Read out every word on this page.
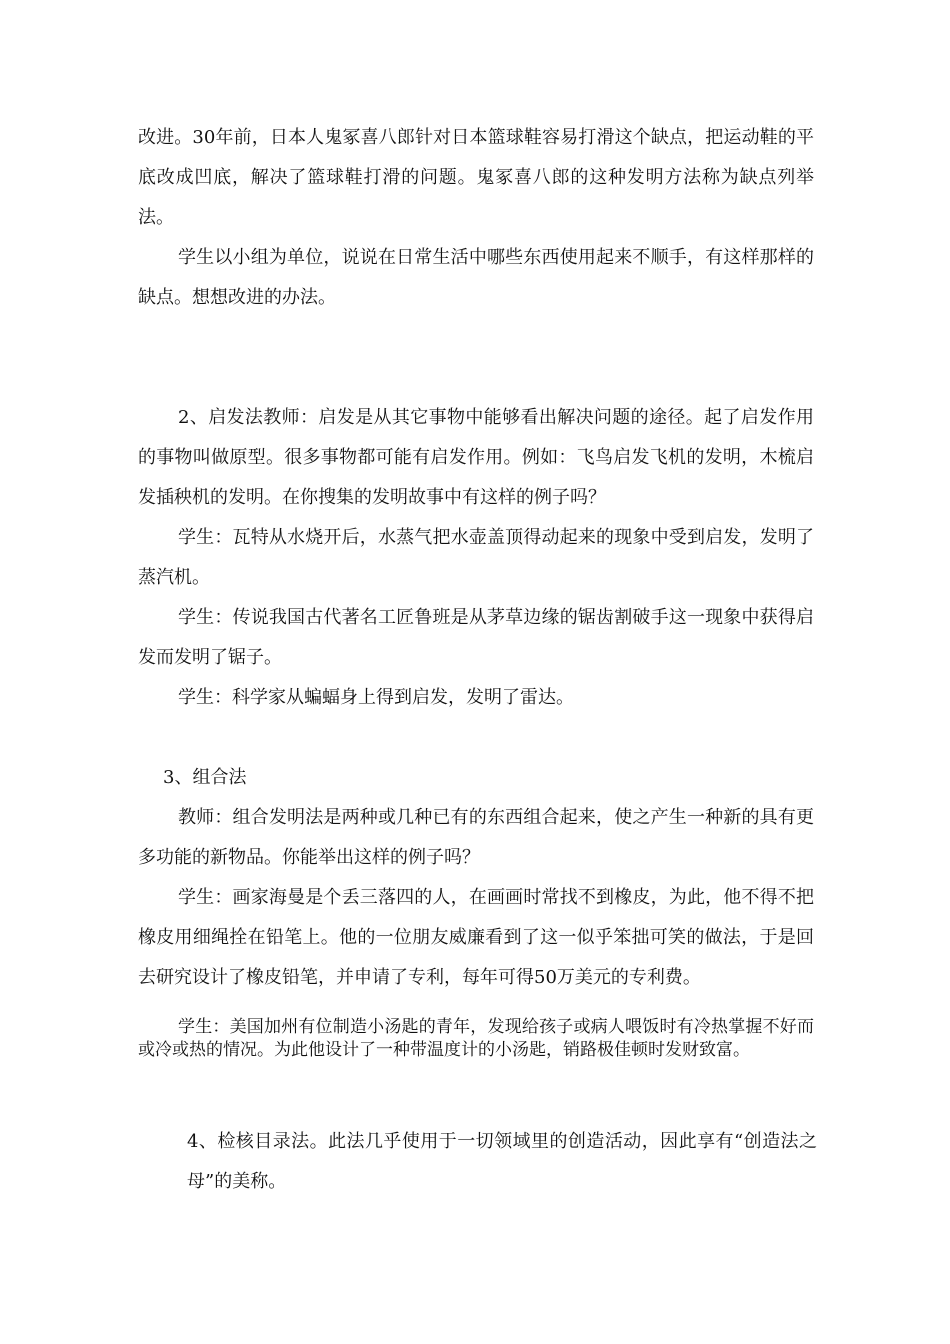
改进。30年前，日本人鬼冢喜八郎针对日本篮球鞋容易打滑这个缺点，把运动鞋的平底改成凹底，解决了篮球鞋打滑的问题。鬼冢喜八郎的这种发明方法称为缺点列举法。

学生以小组为单位，说说在日常生活中哪些东西使用起来不顺手，有这样那样的缺点。想想改进的办法。

2、启发法教师：启发是从其它事物中能够看出解决问题的途径。起了启发作用的事物叫做原型。很多事物都可能有启发作用。例如：飞鸟启发飞机的发明，木梳启发插秧机的发明。在你搜集的发明故事中有这样的例子吗？

学生：瓦特从水烧开后，水蒸气把水壶盖顶得动起来的现象中受到启发，发明了蒸汽机。

学生：传说我国古代著名工匠鲁班是从茅草边缘的锯齿割破手这一现象中获得启发而发明了锯子。

学生：科学家从蝙蝠身上得到启发，发明了雷达。

3、组合法

教师：组合发明法是两种或几种已有的东西组合起来，使之产生一种新的具有更多功能的新物品。你能举出这样的例子吗？

学生：画家海曼是个丢三落四的人，在画画时常找不到橡皮，为此，他不得不把橡皮用细绳拴在铅笔上。他的一位朋友威廉看到了这一似乎笨拙可笑的做法，于是回去研究设计了橡皮铅笔，并申请了专利，每年可得50万美元的专利费。

学生：美国加州有位制造小汤匙的青年，发现给孩子或病人喂饭时有冷热掌握不好而或冷或热的情况。为此他设计了一种带温度计的小汤匙，销路极佳顿时发财致富。

4、检核目录法。此法几乎使用于一切领域里的创造活动，因此享有“创造法之母”的美称。
